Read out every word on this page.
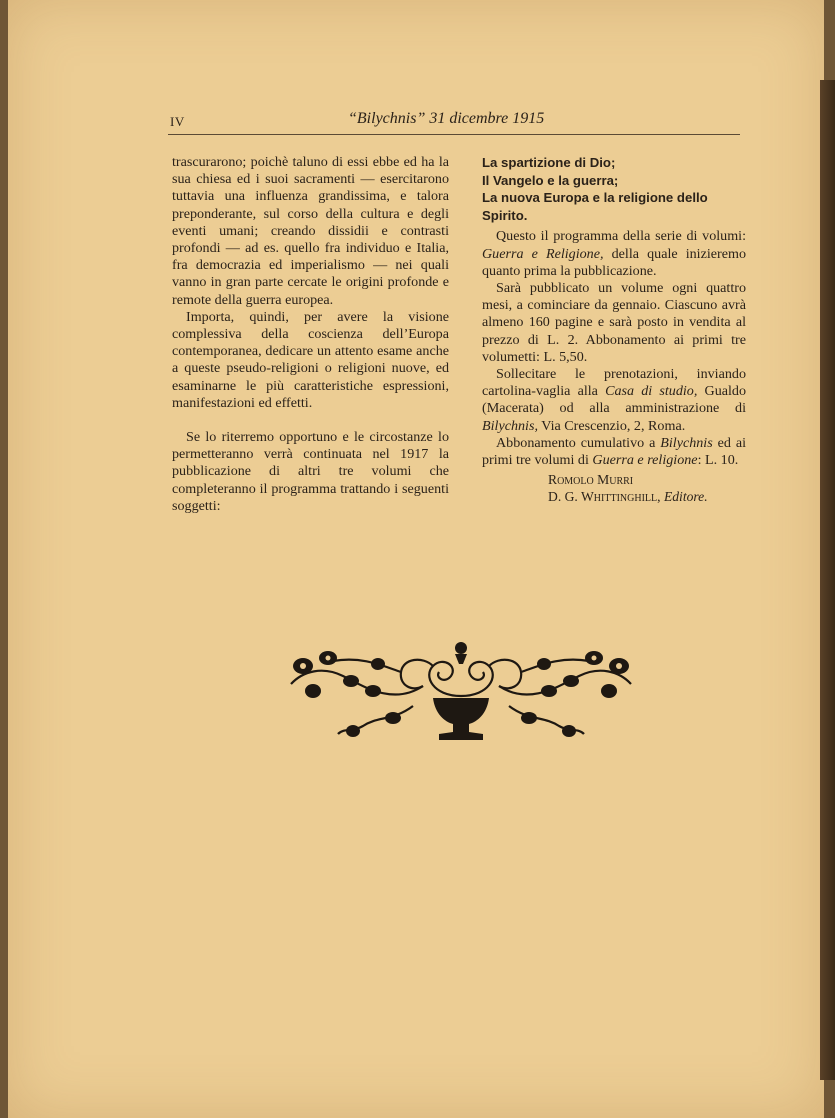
IV	“Bilychnis” 31 dicembre 1915

trascurarono; poichè taluno di essi ebbe ed ha la sua chiesa ed i suoi sacramenti — esercitarono tuttavia una influenza grandissima, e talora preponderante, sul corso della cultura e degli eventi umani; creando dissidii e contrasti profondi — ad es. quello fra individuo e Italia, fra democrazia ed imperialismo — nei quali vanno in gran parte cercate le origini profonde e remote della guerra europea.

Importa, quindi, per avere la visione complessiva della coscienza dell’Europa contemporanea, dedicare un attento esame anche a queste pseudo-religioni o religioni nuove, ed esaminarne le più caratteristiche espressioni, manifestazioni ed effetti.

Se lo riterremo opportuno e le circostanze lo permetteranno verrà continuata nel 1917 la pubblicazione di altri tre volumi che completeranno il programma trattando i seguenti soggetti:

La spartizione di Dio;
Il Vangelo e la guerra;
La nuova Europa e la religione dello Spirito.

Questo il programma della serie di volumi: Guerra e Religione, della quale inizieremo quanto prima la pubblicazione.

Sarà pubblicato un volume ogni quattro mesi, a cominciare da gennaio. Ciascuno avrà almeno 160 pagine e sarà posto in vendita al prezzo di L. 2. Abbonamento ai primi tre volumetti: L. 5,50.

Sollecitare le prenotazioni, inviando cartolina-vaglia alla Casa di studio, Gualdo (Macerata) od alla amministrazione di Bilychnis, Via Crescenzio, 2, Roma.

Abbonamento cumulativo a Bilychnis ed ai primi tre volumi di Guerra e religione: L. 10.

Romolo Murri
D. G. Whittinghill, Editore.
